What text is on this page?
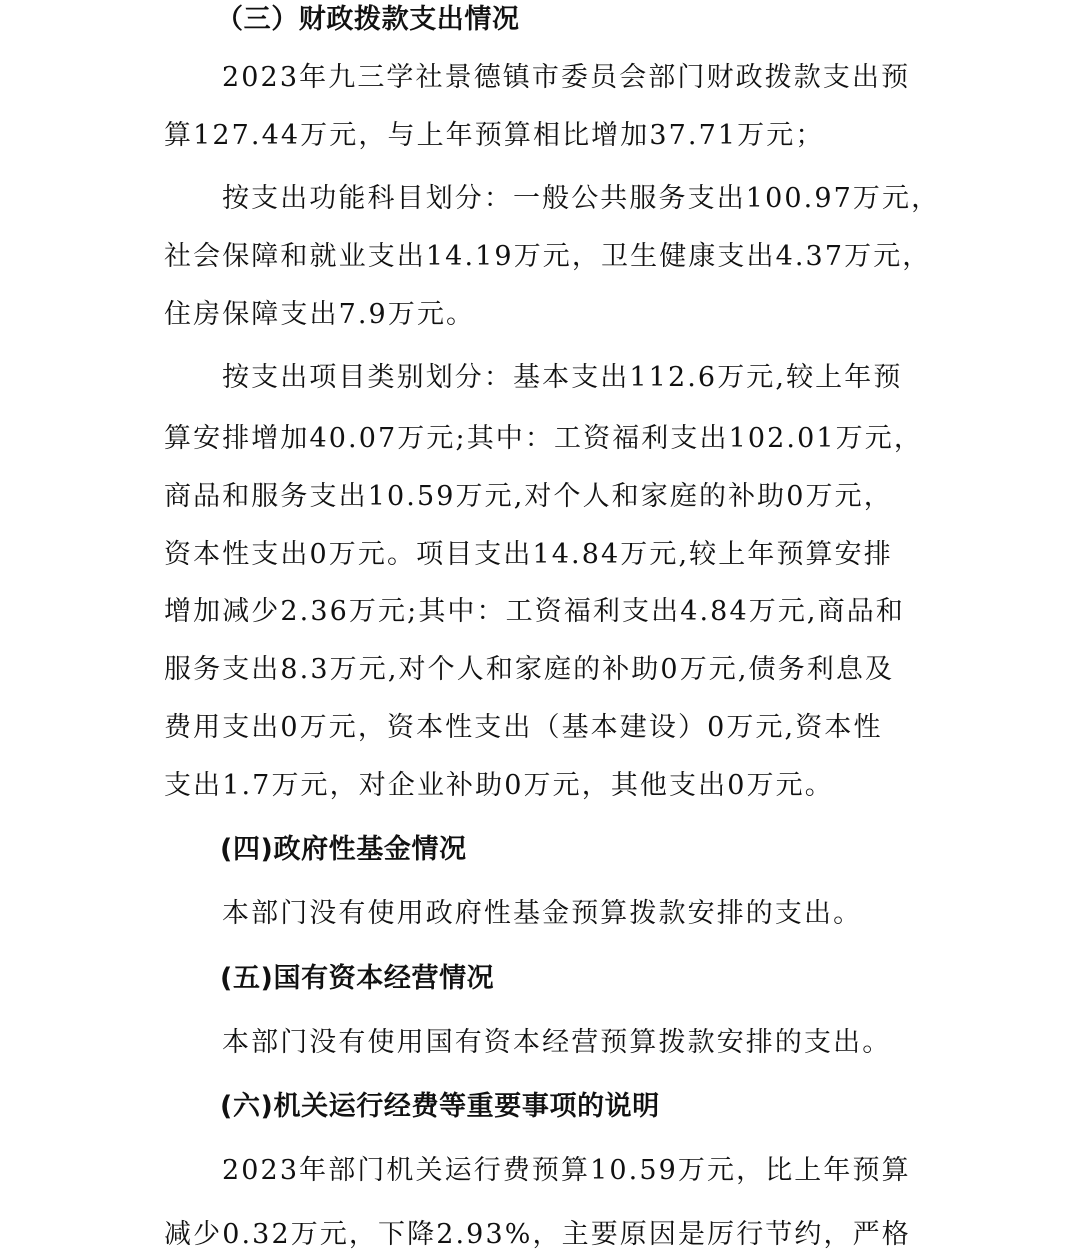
（三）财政拨款支出情况
2023年九三学社景德镇市委员会部门财政拨款支出预
算127.44万元，与上年预算相比增加37.71万元；
按支出功能科目划分：一般公共服务支出100.97万元，
社会保障和就业支出14.19万元，卫生健康支出4.37万元，
住房保障支出7.9万元。
按支出项目类别划分：基本支出112.6万元,较上年预
算安排增加40.07万元;其中：工资福利支出102.01万元，
商品和服务支出10.59万元,对个人和家庭的补助0万元，
资本性支出0万元。项目支出14.84万元,较上年预算安排
增加减少2.36万元;其中：工资福利支出4.84万元,商品和
服务支出8.3万元,对个人和家庭的补助0万元,债务利息及
费用支出0万元，资本性支出（基本建设）0万元,资本性
支出1.7万元，对企业补助0万元，其他支出0万元。
(四)政府性基金情况
本部门没有使用政府性基金预算拨款安排的支出。
(五)国有资本经营情况
本部门没有使用国有资本经营预算拨款安排的支出。
(六)机关运行经费等重要事项的说明
2023年部门机关运行费预算10.59万元，比上年预算
减少0.32万元，下降2.93%，主要原因是厉行节约，严格
